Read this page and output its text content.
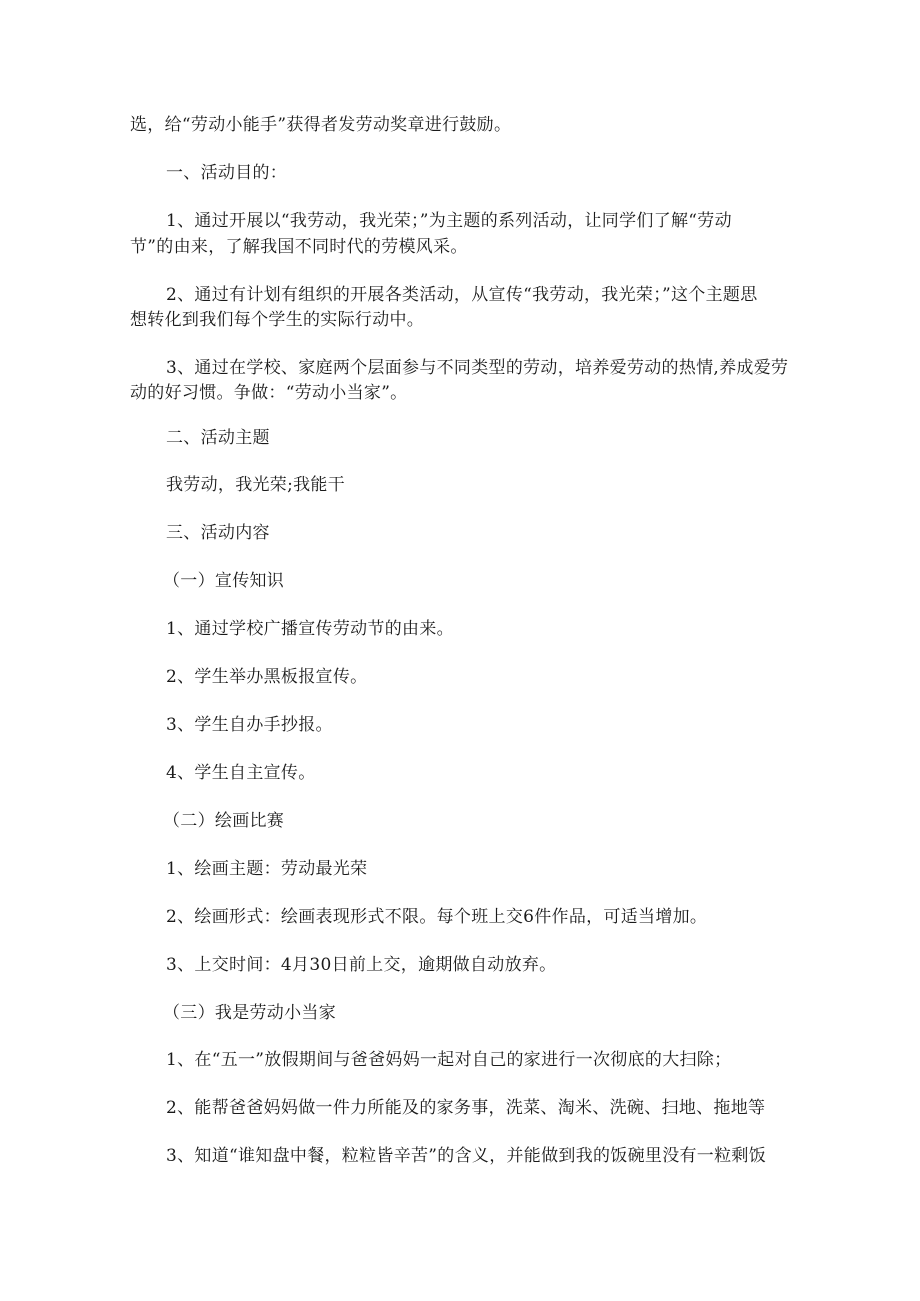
选，给“劳动小能手”获得者发劳动奖章进行鼓励。
一、活动目的：
1、通过开展以“我劳动，我光荣；”为主题的系列活动，让同学们了解“劳动
节”的由来，了解我国不同时代的劳模风采。
2、通过有计划有组织的开展各类活动，从宣传“我劳动，我光荣；”这个主题思
想转化到我们每个学生的实际行动中。
3、通过在学校、家庭两个层面参与不同类型的劳动，培养爱劳动的热情,养成爱劳
动的好习惯。争做：“劳动小当家”。
二、活动主题
我劳动，我光荣;我能干
三、活动内容
（一）宣传知识
1、通过学校广播宣传劳动节的由来。
2、学生举办黑板报宣传。
3、学生自办手抄报。
4、学生自主宣传。
（二）绘画比赛
1、绘画主题：劳动最光荣
2、绘画形式：绘画表现形式不限。每个班上交6件作品，可适当增加。
3、上交时间：4月30日前上交，逾期做自动放弃。
（三）我是劳动小当家
1、在“五一”放假期间与爸爸妈妈一起对自己的家进行一次彻底的大扫除；
2、能帮爸爸妈妈做一件力所能及的家务事，洗菜、淘米、洗碗、扫地、拖地等
3、知道“谁知盘中餐，粒粒皆辛苦”的含义，并能做到我的饭碗里没有一粒剩饭
